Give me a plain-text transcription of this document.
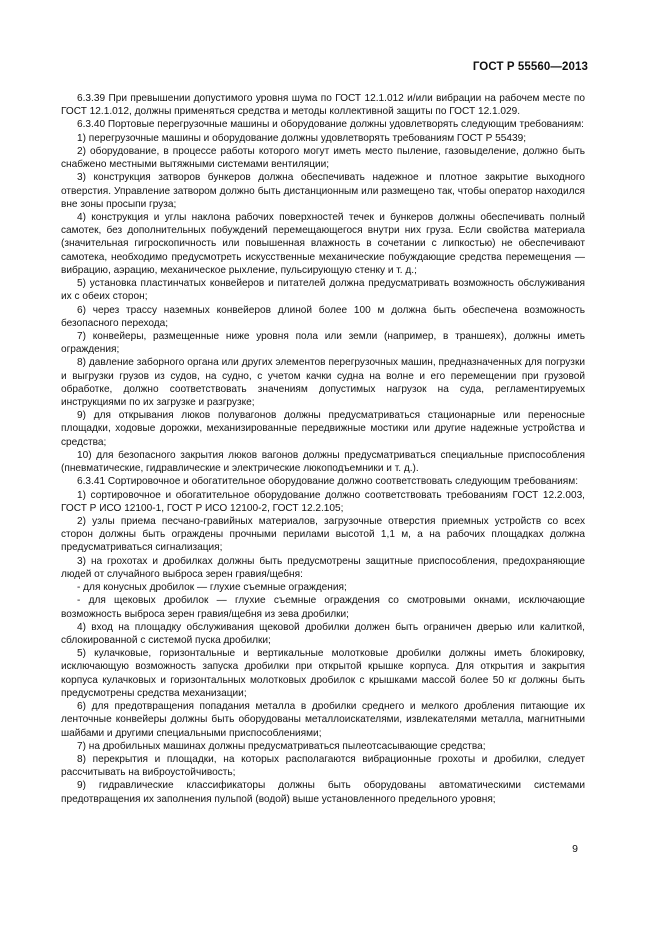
ГОСТ Р 55560—2013

6.3.39 При превышении допустимого уровня шума по ГОСТ 12.1.012 и/или вибрации на рабочем месте по ГОСТ 12.1.012, должны применяться средства и методы коллективной защиты по ГОСТ 12.1.029.

6.3.40 Портовые перегрузочные машины и оборудование должны удовлетворять следующим требованиям:

1) перегрузочные машины и оборудование должны удовлетворять требованиям ГОСТ Р 55439;

2) оборудование, в процессе работы которого могут иметь место пыление, газовыделение, должно быть снабжено местными вытяжными системами вентиляции;

3) конструкция затворов бункеров должна обеспечивать надежное и плотное закрытие выходного отверстия. Управление затвором должно быть дистанционным или размещено так, чтобы оператор находился вне зоны просыпи груза;

4) конструкция и углы наклона рабочих поверхностей течек и бункеров должны обеспечивать полный самотек, без дополнительных побуждений перемещающегося внутри них груза. Если свойства материала (значительная гигроскопичность или повышенная влажность в сочетании с липкостью) не обеспечивают самотека, необходимо предусмотреть искусственные механические побуждающие средства перемещения — вибрацию, аэрацию, механическое рыхление, пульсирующую стенку и т. д.;

5) установка пластинчатых конвейеров и питателей должна предусматривать возможность обслуживания их с обеих сторон;

6) через трассу наземных конвейеров длиной более 100 м должна быть обеспечена возможность безопасного перехода;

7) конвейеры, размещенные ниже уровня пола или земли (например, в траншеях), должны иметь ограждения;

8) давление заборного органа или других элементов перегрузочных машин, предназначенных для погрузки и выгрузки грузов из судов, на судно, с учетом качки судна на волне и его перемещении при грузовой обработке, должно соответствовать значениям допустимых нагрузок на суда, регламентируемых инструкциями по их загрузке и разгрузке;

9) для открывания люков полувагонов должны предусматриваться стационарные или переносные площадки, ходовые дорожки, механизированные передвижные мостики или другие надежные устройства и средства;

10) для безопасного закрытия люков вагонов должны предусматриваться специальные приспособления (пневматические, гидравлические и электрические люкоподъемники и т. д.).

6.3.41 Сортировочное и обогатительное оборудование должно соответствовать следующим требованиям:

1) сортировочное и обогатительное оборудование должно соответствовать требованиям ГОСТ 12.2.003, ГОСТ Р ИСО 12100-1, ГОСТ Р ИСО 12100-2, ГОСТ 12.2.105;

2) узлы приема песчано-гравийных материалов, загрузочные отверстия приемных устройств со всех сторон должны быть ограждены прочными перилами высотой 1,1 м, а на рабочих площадках должна предусматриваться сигнализация;

3) на грохотах и дробилках должны быть предусмотрены защитные приспособления, предохраняющие людей от случайного выброса зерен гравия/щебня:

- для конусных дробилок — глухие съемные ограждения;

- для щековых дробилок — глухие съемные ограждения со смотровыми окнами, исключающие возможность выброса зерен гравия/щебня из зева дробилки;

4) вход на площадку обслуживания щековой дробилки должен быть ограничен дверью или калиткой, сблокированной с системой пуска дробилки;

5) кулачковые, горизонтальные и вертикальные молотковые дробилки должны иметь блокировку, исключающую возможность запуска дробилки при открытой крышке корпуса. Для открытия и закрытия корпуса кулачковых и горизонтальных молотковых дробилок с крышками массой более 50 кг должны быть предусмотрены средства механизации;

6) для предотвращения попадания металла в дробилки среднего и мелкого дробления питающие их ленточные конвейеры должны быть оборудованы металлоискателями, извлекателями металла, магнитными шайбами и другими специальными приспособлениями;

7) на дробильных машинах должны предусматриваться пылеотсасывающие средства;

8) перекрытия и площадки, на которых располагаются вибрационные грохоты и дробилки, следует рассчитывать на виброустойчивость;

9) гидравлические классификаторы должны быть оборудованы автоматическими системами предотвращения их заполнения пульпой (водой) выше установленного предельного уровня;

9
